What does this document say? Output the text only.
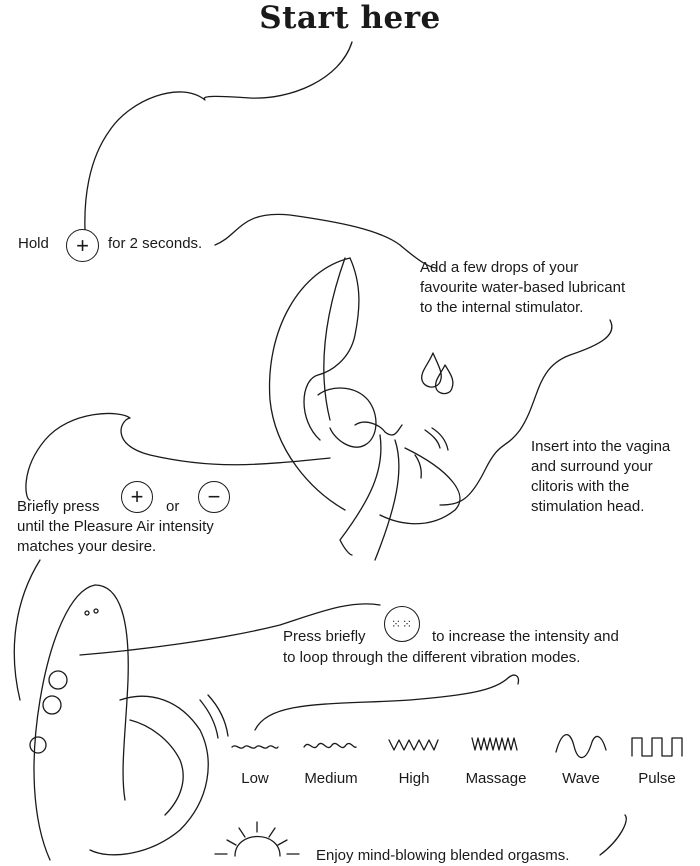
Start here
Hold + for 2 seconds.
Add a few drops of your
favourite water-based lubricant
to the internal stimulator.
Insert into the vagina
and surround your
clitoris with the
stimulation head.
Briefly press + or −
until the Pleasure Air intensity
matches your desire.
Press briefly
⁙⁙
to increase the intensity and
to loop through the different vibration modes.
Low	Medium	High	Massage	Wave	Pulse
Enjoy mind-blowing blended orgasms.
